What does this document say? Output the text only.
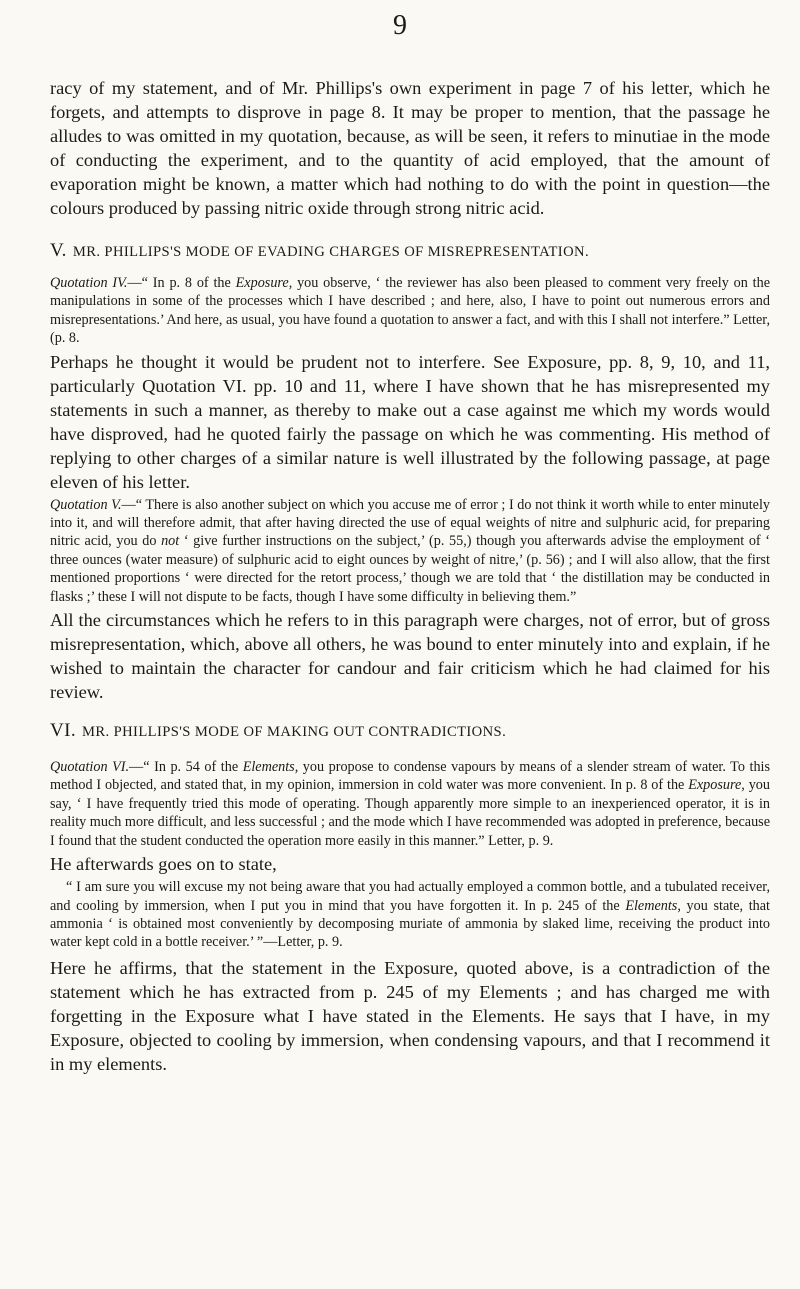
9

racy of my statement, and of Mr. Phillips's own experiment in page 7 of his letter, which he forgets, and attempts to disprove in page 8. It may be proper to mention, that the passage he alludes to was omitted in my quotation, because, as will be seen, it refers to minutiae in the mode of conducting the experiment, and to the quantity of acid employed, that the amount of evaporation might be known, a matter which had nothing to do with the point in question—the colours produced by passing nitric oxide through strong nitric acid.

V. MR. PHILLIPS'S MODE OF EVADING CHARGES OF MISREPRESENTATION.

Quotation IV.—“ In p. 8 of the Exposure, you observe, ‘ the reviewer has also been pleased to comment very freely on the manipulations in some of the processes which I have described ; and here, also, I have to point out numerous errors and misrepresentations.’ And here, as usual, you have found a quotation to answer a fact, and with this I shall not interfere.” Letter, (p. 8.

Perhaps he thought it would be prudent not to interfere. See Exposure, pp. 8, 9, 10, and 11, particularly Quotation VI. pp. 10 and 11, where I have shown that he has misrepresented my statements in such a manner, as thereby to make out a case against me which my words would have disproved, had he quoted fairly the passage on which he was commenting. His method of replying to other charges of a similar nature is well illustrated by the following passage, at page eleven of his letter.

Quotation V.—“ There is also another subject on which you accuse me of error ; I do not think it worth while to enter minutely into it, and will therefore admit, that after having directed the use of equal weights of nitre and sulphuric acid, for preparing nitric acid, you do not ‘ give further instructions on the subject,’ (p. 55,) though you afterwards advise the employment of ‘ three ounces (water measure) of sulphuric acid to eight ounces by weight of nitre,’ (p. 56) ; and I will also allow, that the first mentioned proportions ‘ were directed for the retort process,’ though we are told that ‘ the distillation may be conducted in flasks ;’ these I will not dispute to be facts, though I have some difficulty in believing them.”

All the circumstances which he refers to in this paragraph were charges, not of error, but of gross misrepresentation, which, above all others, he was bound to enter minutely into and explain, if he wished to maintain the character for candour and fair criticism which he had claimed for his review.

VI. MR. PHILLIPS'S MODE OF MAKING OUT CONTRADICTIONS.

Quotation VI.—“ In p. 54 of the Elements, you propose to condense vapours by means of a slender stream of water. To this method I objected, and stated that, in my opinion, immersion in cold water was more convenient. In p. 8 of the Exposure, you say, ‘ I have frequently tried this mode of operating. Though apparently more simple to an inexperienced operator, it is in reality much more difficult, and less successful ; and the mode which I have recommended was adopted in preference, because I found that the student conducted the operation more easily in this manner.” Letter, p. 9.

He afterwards goes on to state,

“ I am sure you will excuse my not being aware that you had actually employed a common bottle, and a tubulated receiver, and cooling by immersion, when I put you in mind that you have forgotten it. In p. 245 of the Elements, you state, that ammonia ‘ is obtained most conveniently by decomposing muriate of ammonia by slaked lime, receiving the product into water kept cold in a bottle receiver.’ ”—Letter, p. 9.

Here he affirms, that the statement in the Exposure, quoted above, is a contradiction of the statement which he has extracted from p. 245 of my Elements ; and has charged me with forgetting in the Exposure what I have stated in the Elements. He says that I have, in my Exposure, objected to cooling by immersion, when condensing vapours, and that I recommend it in my elements.
